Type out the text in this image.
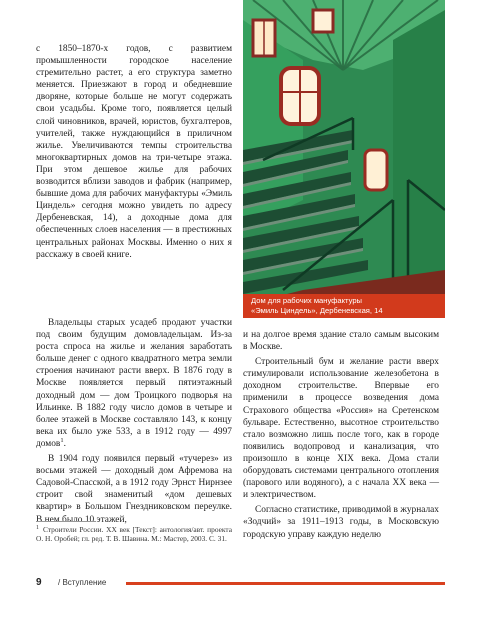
с 1850–1870-х годов, с развитием промышленности городское население стремительно растет, а его структура заметно меняется. Приезжают в город и обедневшие дворяне, которые больше не могут содержать свои усадьбы. Кроме того, появляется целый слой чиновников, врачей, юристов, бухгалтеров, учителей, также нуждающийся в приличном жилье. Увеличиваются темпы строительства многоквартирных домов на три-четыре этажа. При этом дешевое жилье для рабочих возводится вблизи заводов и фабрик (например, бывшие дома для рабочих мануфактуры «Эмиль Циндель» сегодня можно увидеть по адресу Дербеневская, 14), а доходные дома для обеспеченных слоев населения — в престижных центральных районах Москвы. Именно о них я расскажу в своей книге.

Дом для рабочих мануфактуры
«Эмиль Циндель», Дербеневская, 14

Владельцы старых усадеб продают участки под своим будущим домовладельцам. Из-за роста спроса на жилье и желания заработать больше денег с одного квадратного метра земли строения начинают расти вверх. В 1876 году в Москве появляется первый пятиэтажный доходный дом — дом Троицкого подворья на Ильинке. В 1882 году число домов в четыре и более этажей в Москве составляло 143, к концу века их было уже 533, а в 1912 году — 4997 домов$^1$.

В 1904 году появился первый «тучерез» из восьми этажей — доходный дом Афремова на Садовой-Спасской, а в 1912 году Эрнст Нирнзее строит свой знаменитый «дом дешевых квартир» в Большом Гнездниковском переулке. В нем было 10 этажей,

$^1$ Строители России. XX век [Текст]: антология/авт. проекта О. Н. Оробей; гл. ред. Т. В. Шавина. М.: Мастер, 2003. С. 31.

и на долгое время здание стало самым высоким в Москве.

Строительный бум и желание расти вверх стимулировали использование железобетона в доходном строительстве. Впервые его применили в процессе возведения дома Страхового общества «Россия» на Сретенском бульваре. Естественно, высотное строительство стало возможно лишь после того, как в городе появились водопровод и канализация, что произошло в конце XIX века. Дома стали оборудовать системами центрального отопления (парового или водяного), а с начала XX века — и электричеством.

Согласно статистике, приводимой в журналах «Зодчий» за 1911–1913 годы, в Московскую городскую управу каждую неделю

9 / Вступление
